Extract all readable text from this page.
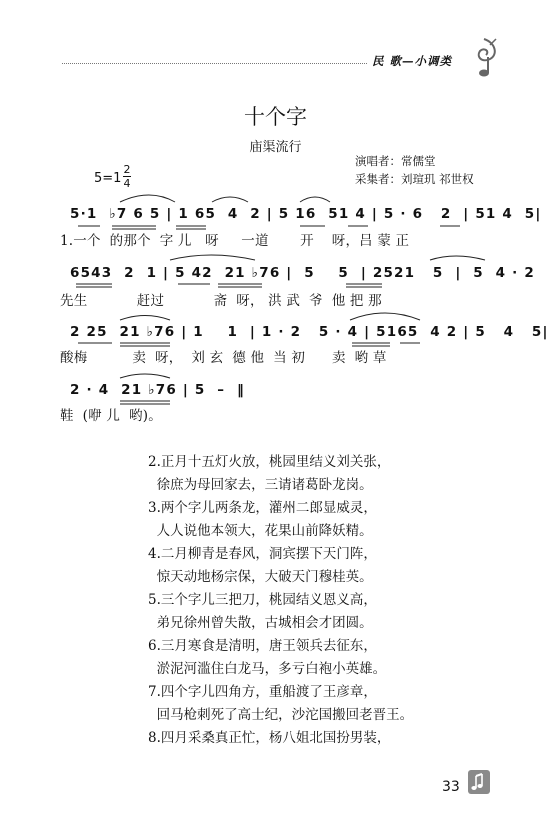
民 歌—小调类
十个字
庙渠流行
演唱者：常儒堂
采集者：刘瑄玑 祁世权
5=1
2
4
5·1  ♭7 6 5 | 1 65  4  2 | 5 16  51 4 | 5 · 6   2  | 51 4  5|
1.一个  的那个  字 儿   呀     一道       开    呀，吕 蒙 正
6543  2  1 | 5 42  21 ♭76 |  5    5  | 2521   5  |  5  4 · 2
先生           赶过           斋  呀， 洪 武  爷  他 把 那
2 25  21 ♭76 | 1    1  | 1 · 2   5 · 4 | 5165  4 2 | 5   4   5|
酸梅          卖  呀，  刘 玄  德 他  当 初      卖  哟 草
2 · 4  21 ♭76 | 5  –  ‖
鞋  (咿 儿  哟)。
2.正月十五灯火放，桃园里结义刘关张，
徐庶为母回家去，三请诸葛卧龙岗。
3.两个字儿两条龙，灌州二郎显威灵，
人人说他本领大，花果山前降妖精。
4.二月柳青是春风，洞宾摆下天门阵，
惊天动地杨宗保，大破天门穆桂英。
5.三个字儿三把刀，桃园结义恩义高，
弟兄徐州曾失散，古城相会才团圆。
6.三月寒食是清明，唐王领兵去征东，
淤泥河滥住白龙马，多亏白袍小英雄。
7.四个字儿四角方，重船渡了王彦章，
回马枪刺死了高士纪，沙沱国搬回老晋王。
8.四月采桑真正忙，杨八姐北国扮男装，
33
